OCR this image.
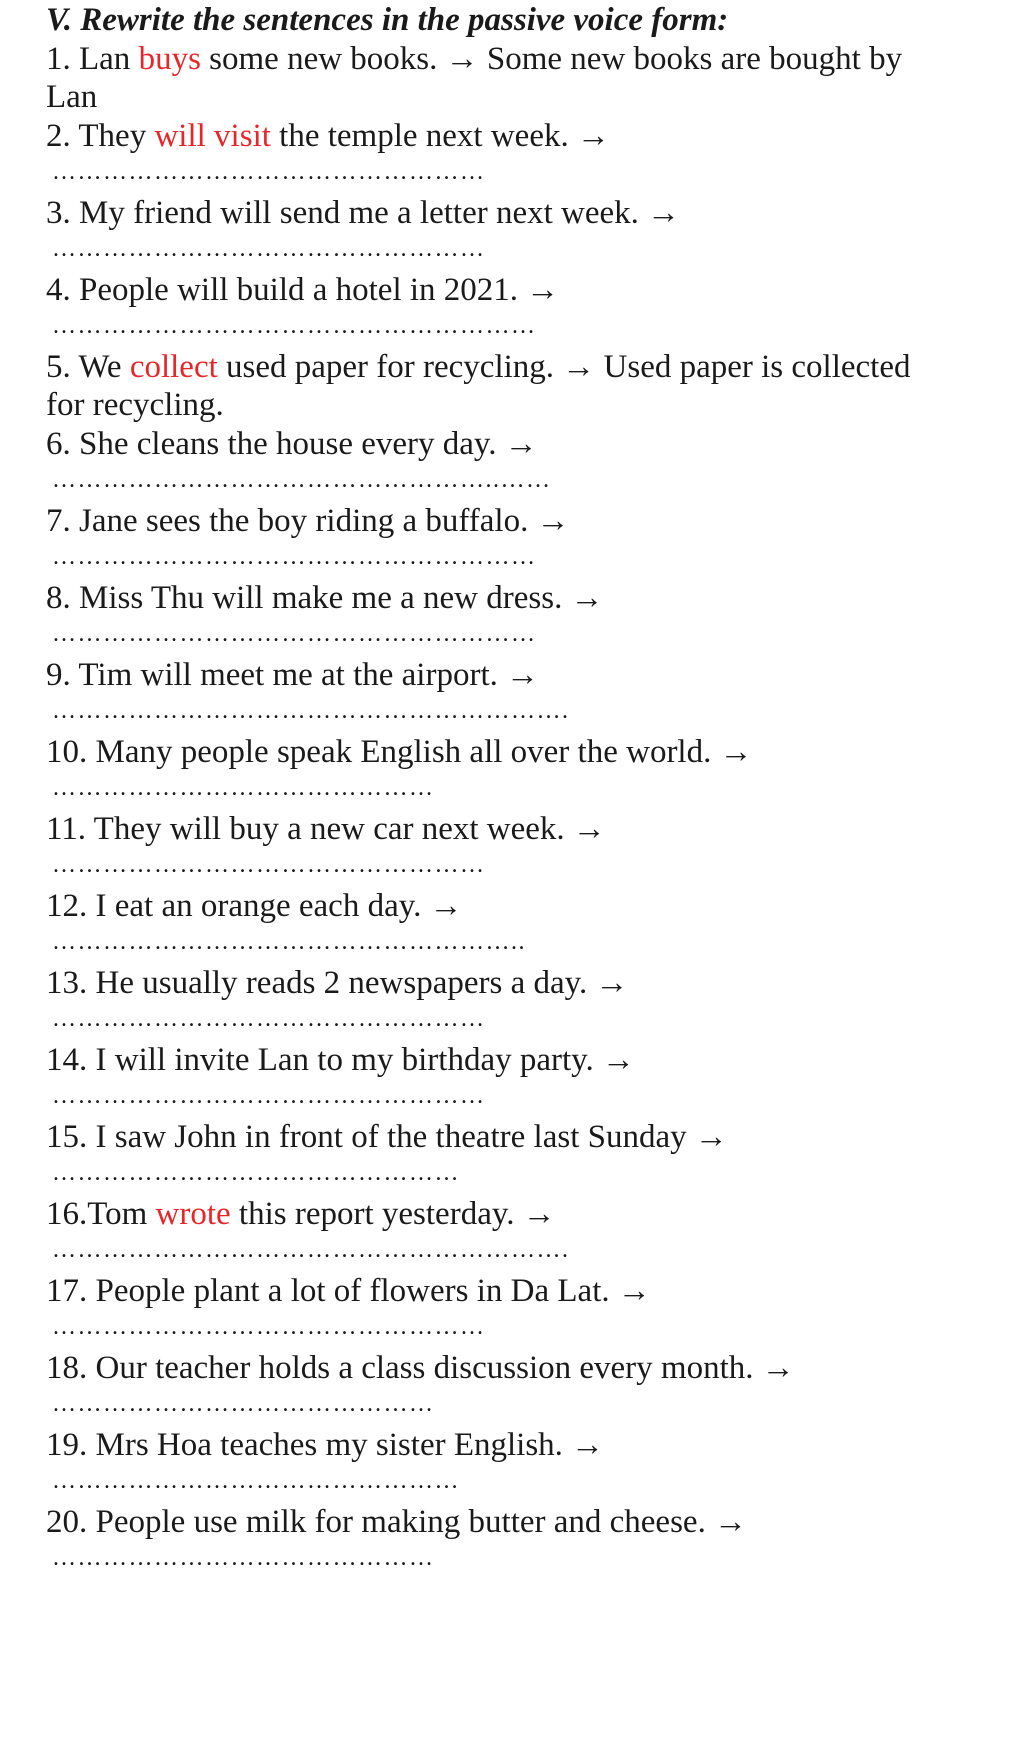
V. Rewrite the sentences in the passive voice form:
1. Lan buys some new books. → Some new books are bought by
Lan
2. They will visit the temple next week. →
……………………………………………
3. My friend will send me a letter next week. →
……………………………………………
4. People will build a hotel in 2021. →
…………………………………………………
5. We collect used paper for recycling. → Used paper is collected
for recycling.
6. She cleans the house every day. →
……………………………………………..……
7. Jane sees the boy riding a buffalo. →
…………………………………………………
8. Miss Thu will make me a new dress. →
…………………………………………………
9. Tim will meet me at the airport. →
…………………………………………………….
10. Many people speak English all over the world. →
………………………………………
11. They will buy a new car next week. →
……………………………………………
12. I eat an orange each day. →
………………………………………………..
13. He usually reads 2 newspapers a day. →
……………………………………………
14. I will invite Lan to my birthday party. →
……………………………………………
15. I saw John in front of the theatre last Sunday →
…………………………………………
16.Tom wrote this report yesterday. →
…………………………………………………….
17. People plant a lot of flowers in Da Lat. →
……………………………………………
18. Our teacher holds a class discussion every month. →
………………………………………
19. Mrs Hoa teaches my sister English. →
…………………………………………
20. People use milk for making butter and cheese. →
………………………………………
